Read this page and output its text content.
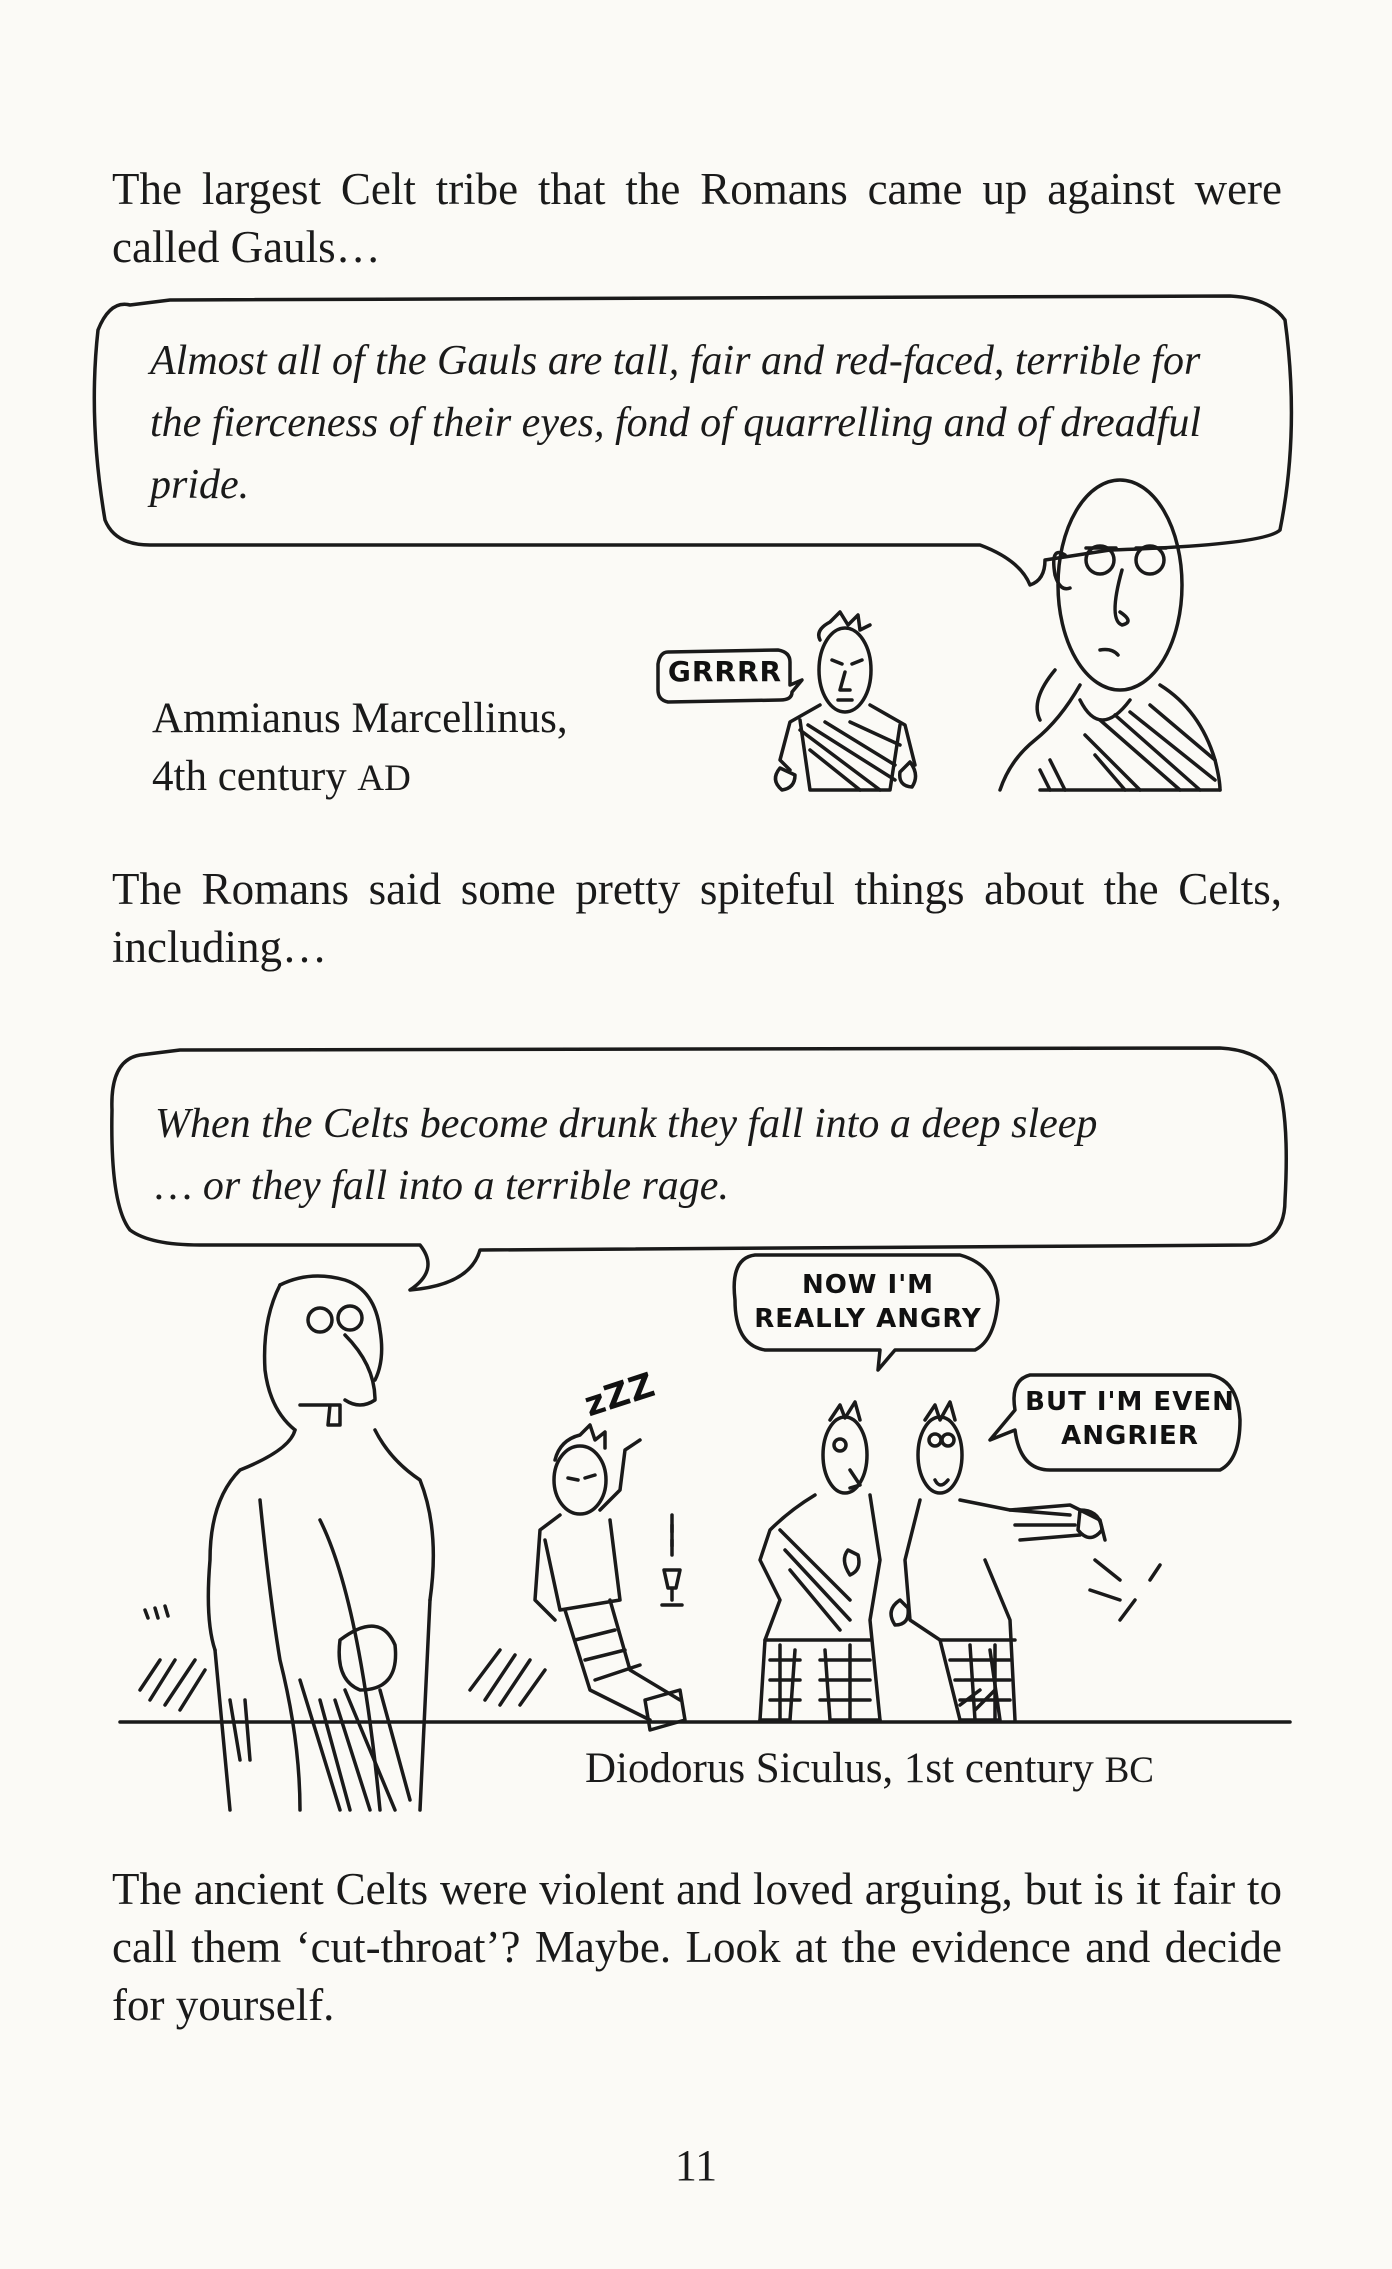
The largest Celt tribe that the Romans came up against were called Gauls…

Almost all of the Gauls are tall, fair and red-faced, terrible for the fierceness of their eyes, fond of quarrelling and of dreadful pride.

GRRRR

Ammianus Marcellinus,
4th century AD

The Romans said some pretty spiteful things about the Celts, including…

When the Celts become drunk they fall into a deep sleep
… or they fall into a terrible rage.

zZZ
NOW I'M
REALLY ANGRY
BUT I'M EVEN
ANGRIER

Diodorus Siculus, 1st century BC

The ancient Celts were violent and loved arguing, but is it fair to call them ‘cut-throat’? Maybe. Look at the evidence and decide for yourself.

11
